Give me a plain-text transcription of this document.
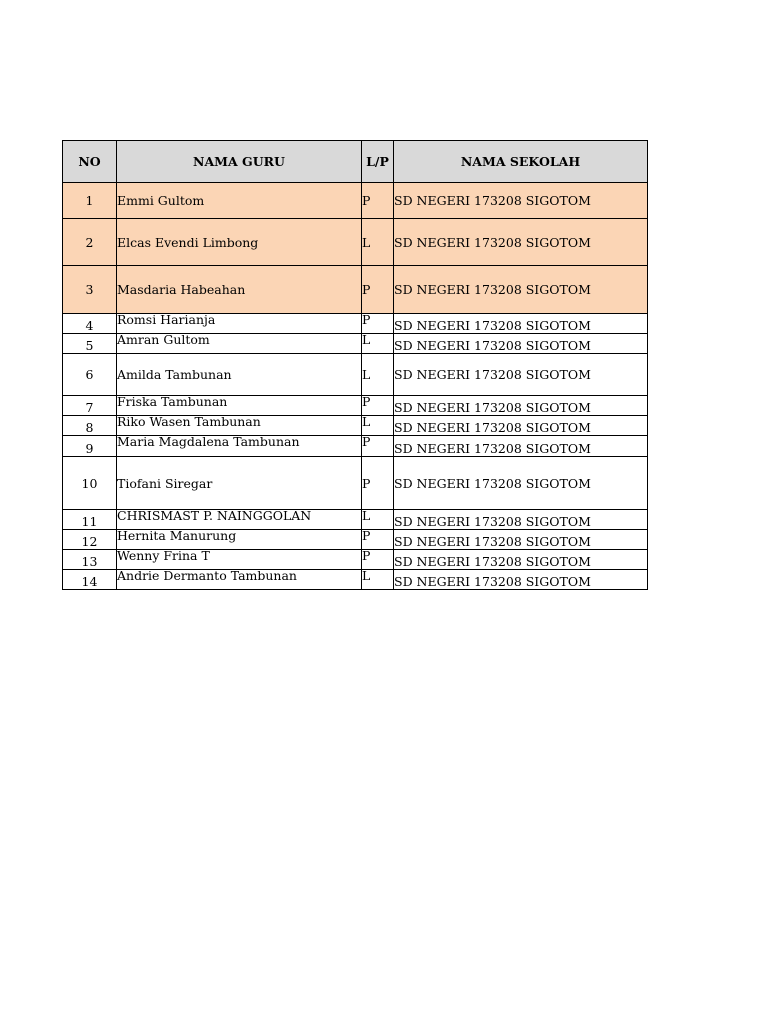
NO	NAMA GURU	L/P	NAMA SEKOLAH
1	Emmi Gultom	P	SD NEGERI 173208 SIGOTOM
2	Elcas Evendi Limbong	L	SD NEGERI 173208 SIGOTOM
3	Masdaria Habeahan	P	SD NEGERI 173208 SIGOTOM
4	Romsi Harianja	P	SD NEGERI 173208 SIGOTOM
5	Amran Gultom	L	SD NEGERI 173208 SIGOTOM
6	Amilda Tambunan	L	SD NEGERI 173208 SIGOTOM
7	Friska Tambunan	P	SD NEGERI 173208 SIGOTOM
8	Riko Wasen Tambunan	L	SD NEGERI 173208 SIGOTOM
9	Maria Magdalena Tambunan	P	SD NEGERI 173208 SIGOTOM
10	Tiofani Siregar	P	SD NEGERI 173208 SIGOTOM
11	CHRISMAST P. NAINGGOLAN	L	SD NEGERI 173208 SIGOTOM
12	Hernita Manurung	P	SD NEGERI 173208 SIGOTOM
13	Wenny Frina T	P	SD NEGERI 173208 SIGOTOM
14	Andrie Dermanto Tambunan	L	SD NEGERI 173208 SIGOTOM
